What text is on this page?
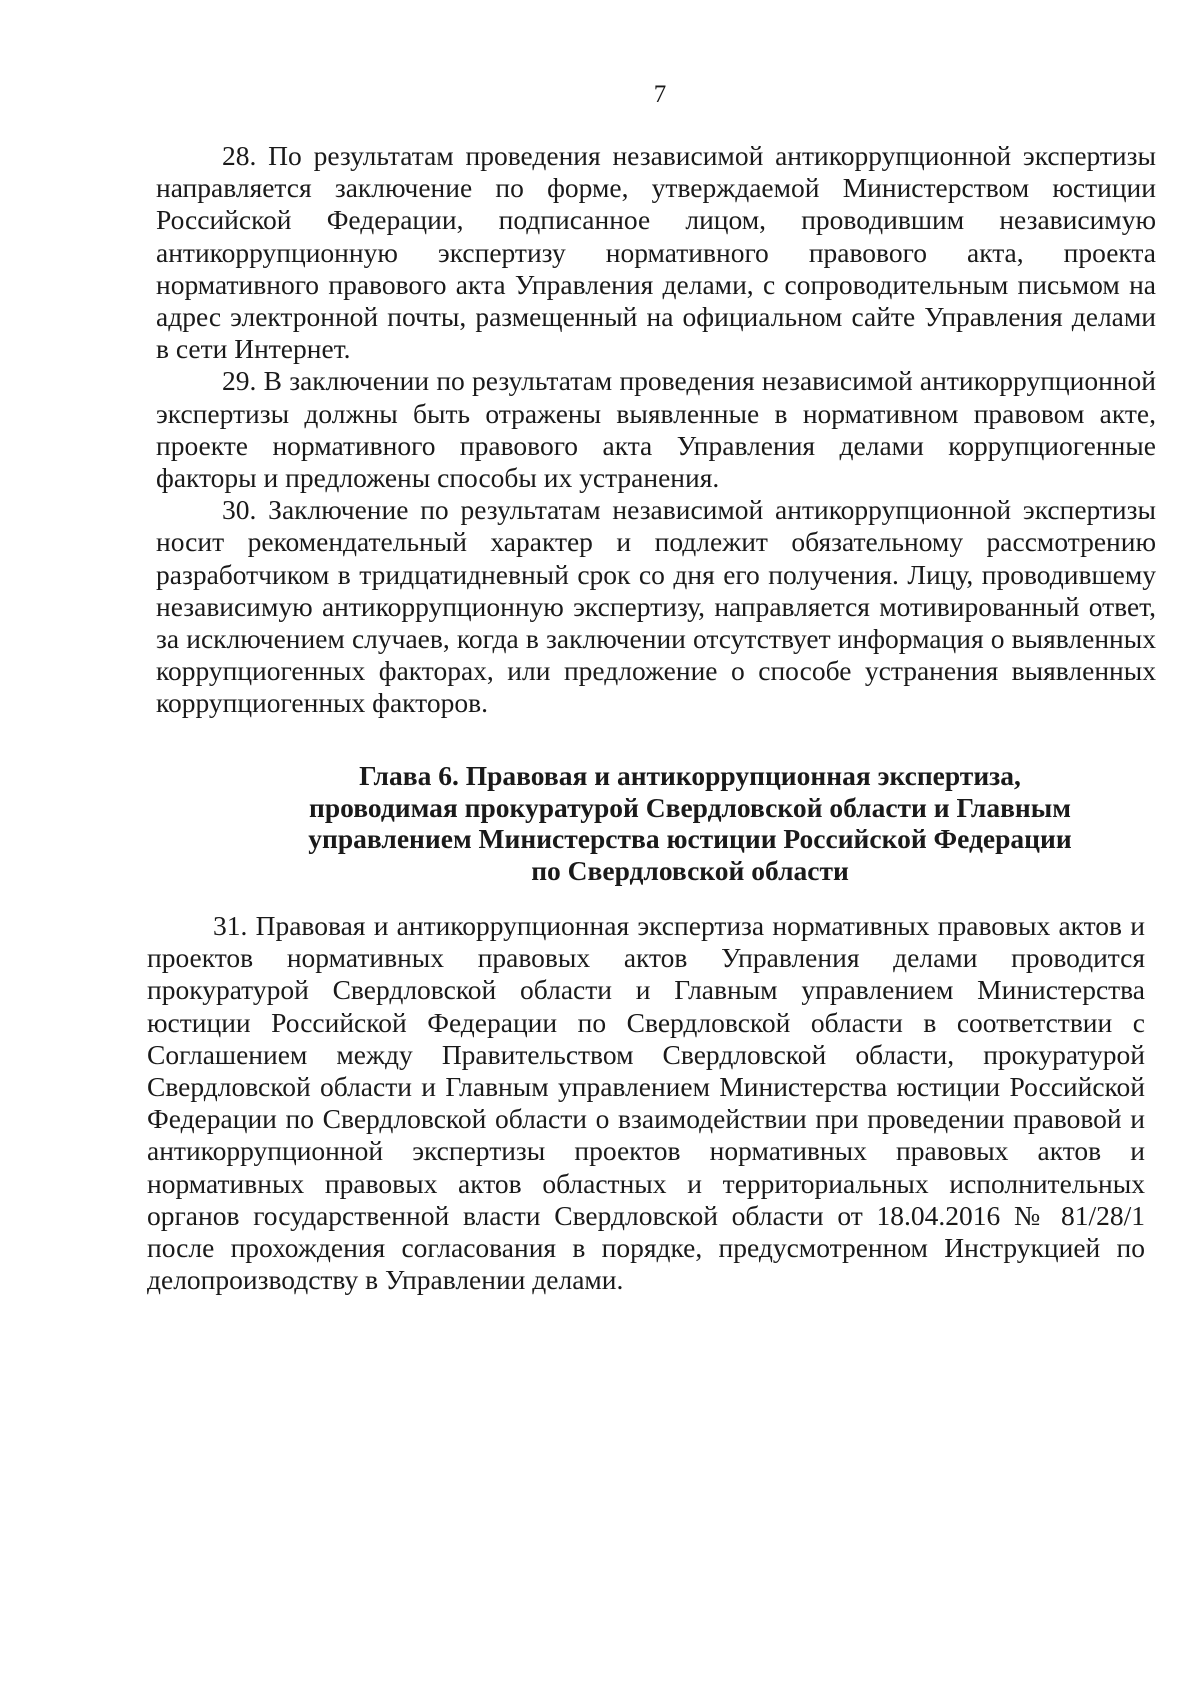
7

28. По результатам проведения независимой антикоррупционной экспертизы направляется заключение по форме, утверждаемой Министерством юстиции Российской Федерации, подписанное лицом, проводившим независимую антикоррупционную экспертизу нормативного правового акта, проекта нормативного правового акта Управления делами, с сопроводительным письмом на адрес электронной почты, размещенный на официальном сайте Управления делами в сети Интернет.

29. В заключении по результатам проведения независимой антикоррупционной экспертизы должны быть отражены выявленные в нормативном правовом акте, проекте нормативного правового акта Управления делами коррупциогенные факторы и предложены способы их устранения.

30. Заключение по результатам независимой антикоррупционной экспертизы носит рекомендательный характер и подлежит обязательному рассмотрению разработчиком в тридцатидневный срок со дня его получения. Лицу, проводившему независимую антикоррупционную экспертизу, направляется мотивированный ответ, за исключением случаев, когда в заключении отсутствует информация о выявленных коррупциогенных факторах, или предложение о способе устранения выявленных коррупциогенных факторов.

Глава 6. Правовая и антикоррупционная экспертиза,
проводимая прокуратурой Свердловской области и Главным
управлением Министерства юстиции Российской Федерации
по Свердловской области

31. Правовая и антикоррупционная экспертиза нормативных правовых актов и проектов нормативных правовых актов Управления делами проводится прокуратурой Свердловской области и Главным управлением Министерства юстиции Российской Федерации по Свердловской области в соответствии с Соглашением между Правительством Свердловской области, прокуратурой Свердловской области и Главным управлением Министерства юстиции Российской Федерации по Свердловской области о взаимодействии при проведении правовой и антикоррупционной экспертизы проектов нормативных правовых актов и нормативных правовых актов областных и территориальных исполнительных органов государственной власти Свердловской области от 18.04.2016 № 81/28/1 после прохождения согласования в порядке, предусмотренном Инструкцией по делопроизводству в Управлении делами.
